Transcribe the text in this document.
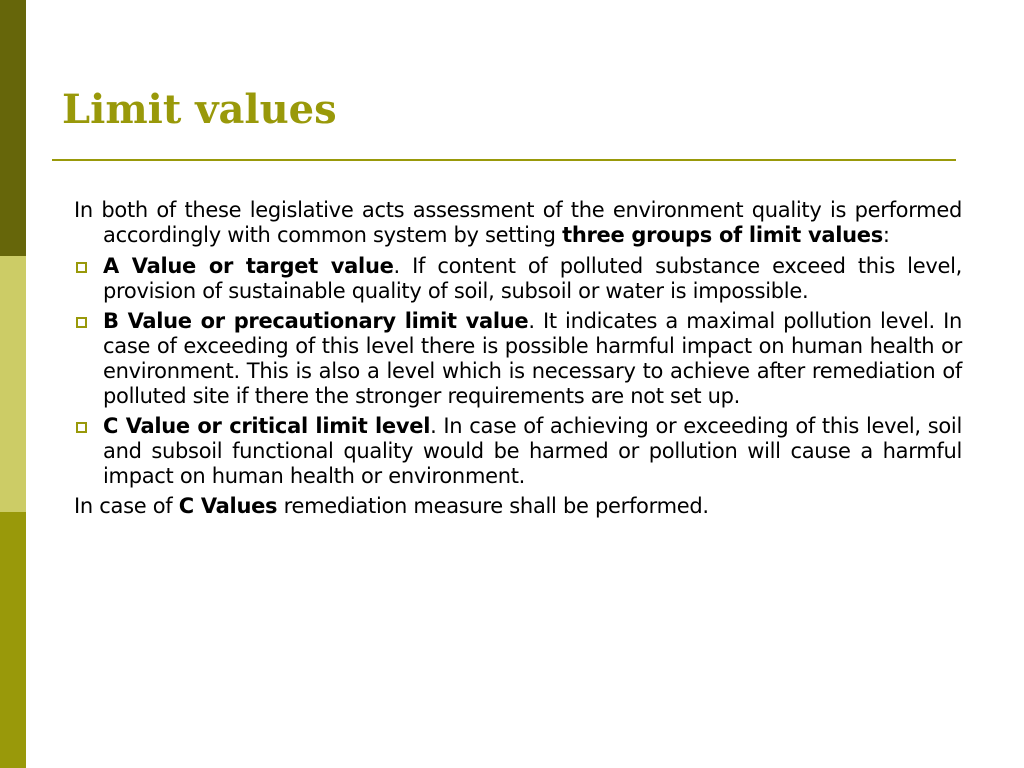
Limit values

In both of these legislative acts assessment of the environment quality is performed accordingly with common system by setting three groups of limit values:

A Value or target value. If content of polluted substance exceed this level, provision of sustainable quality of soil, subsoil or water is impossible.
B Value or precautionary limit value. It indicates a maximal pollution level. In case of exceeding of this level there is possible harmful impact on human health or environment. This is also a level which is necessary to achieve after remediation of polluted site if there the stronger requirements are not set up.
C Value or critical limit level. In case of achieving or exceeding of this level, soil and subsoil functional quality would be harmed or pollution will cause a harmful impact on human health or environment.

In case of C Values remediation measure shall be performed.
